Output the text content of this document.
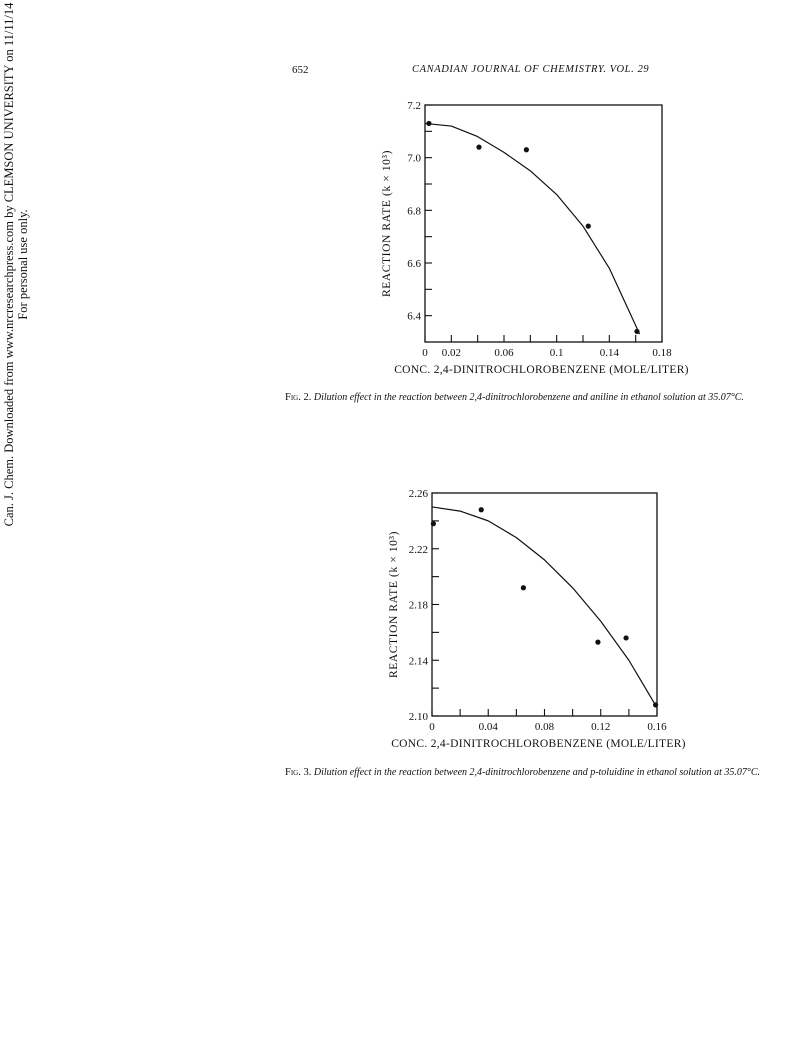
652	CANADIAN JOURNAL OF CHEMISTRY. VOL. 29
Can. J. Chem. Downloaded from www.nrcresearchpress.com by CLEMSON UNIVERSITY on 11/11/14 For personal use only.
0 0.02	0.06	0.1	0.14	0.18
6.4
6.6
6.8
7.0
7.2
CONC. 2,4-DINITROCHLOROBENZENE (MOLE/LITER)
REACTION RATE (k × 10³)
0	0.04	0.08	0.12	0.16
2.10
2.14
2.18
2.22
2.26
CONC. 2,4-DINITROCHLOROBENZENE (MOLE/LITER)
REACTION RATE (k × 10³)
Fig. 2. Dilution effect in the reaction between 2,4-dinitrochlorobenzene and aniline in ethanol solution at 35.07°C.
Fig. 3. Dilution effect in the reaction between 2,4-dinitrochlorobenzene and p-toluidine in ethanol solution at 35.07°C.
